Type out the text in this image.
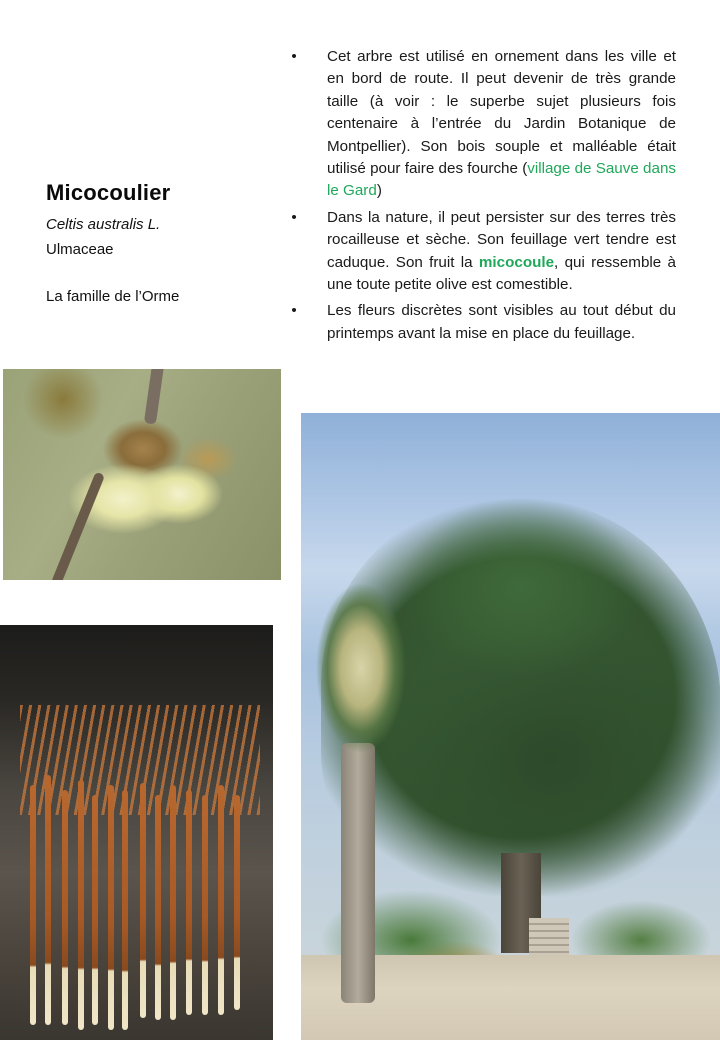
Micocoulier

Celtis australis L.

Ulmaceae

La famille de l’Orme

• Cet arbre est utilisé en ornement dans les ville et en bord de route. Il peut devenir de très grande taille (à voir : le superbe sujet plusieurs fois centenaire à l’entrée du Jardin Botanique de Montpellier). Son bois souple et malléable était utilisé pour faire des fourche (village de Sauve dans le Gard)
• Dans la nature, il peut persister sur des terres très rocailleuse et sèche. Son feuillage vert tendre est caduque. Son fruit la micocoule, qui ressemble à une toute petite olive est comestible.
• Les fleurs discrètes sont visibles au tout début du printemps avant la mise en place du feuillage.
